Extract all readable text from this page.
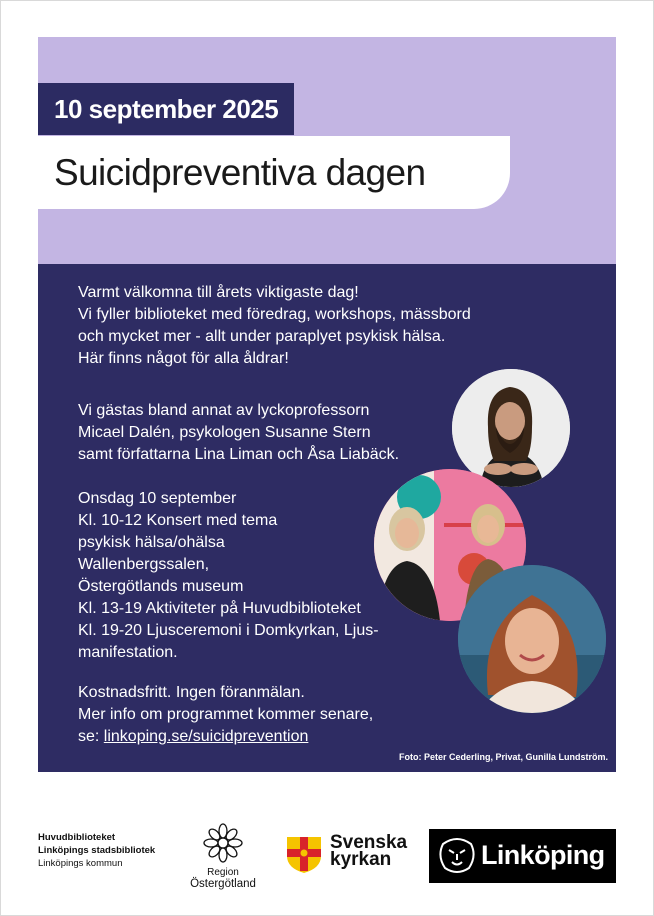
10 september 2025
Suicidpreventiva dagen

Varmt välkomna till årets viktigaste dag!
Vi fyller biblioteket med föredrag, workshops, mässbord
och mycket mer - allt under paraplyet psykisk hälsa.
Här finns något för alla åldrar!

Vi gästas bland annat av lyckoprofessorn
Micael Dalén, psykologen Susanne Stern
samt författarna Lina Liman och Åsa Liabäck.

Onsdag 10 september
Kl. 10-12 Konsert med tema
psykisk hälsa/ohälsa
Wallenbergssalen,
Östergötlands museum
Kl. 13-19 Aktiviteter på Huvudbiblioteket
Kl. 19-20 Ljusceremoni i Domkyrkan, Ljus-
manifestation.

Kostnadsfritt. Ingen föranmälan.
Mer info om programmet kommer senare,
se: linkoping.se/suicidprevention

Foto: Peter Cederling, Privat, Gunilla Lundström.
Huvudbiblioteket
Linköpings stadsbibliotek
Linköpings kommun
Region
Östergötland
Svenska
kyrkan	Linköping
